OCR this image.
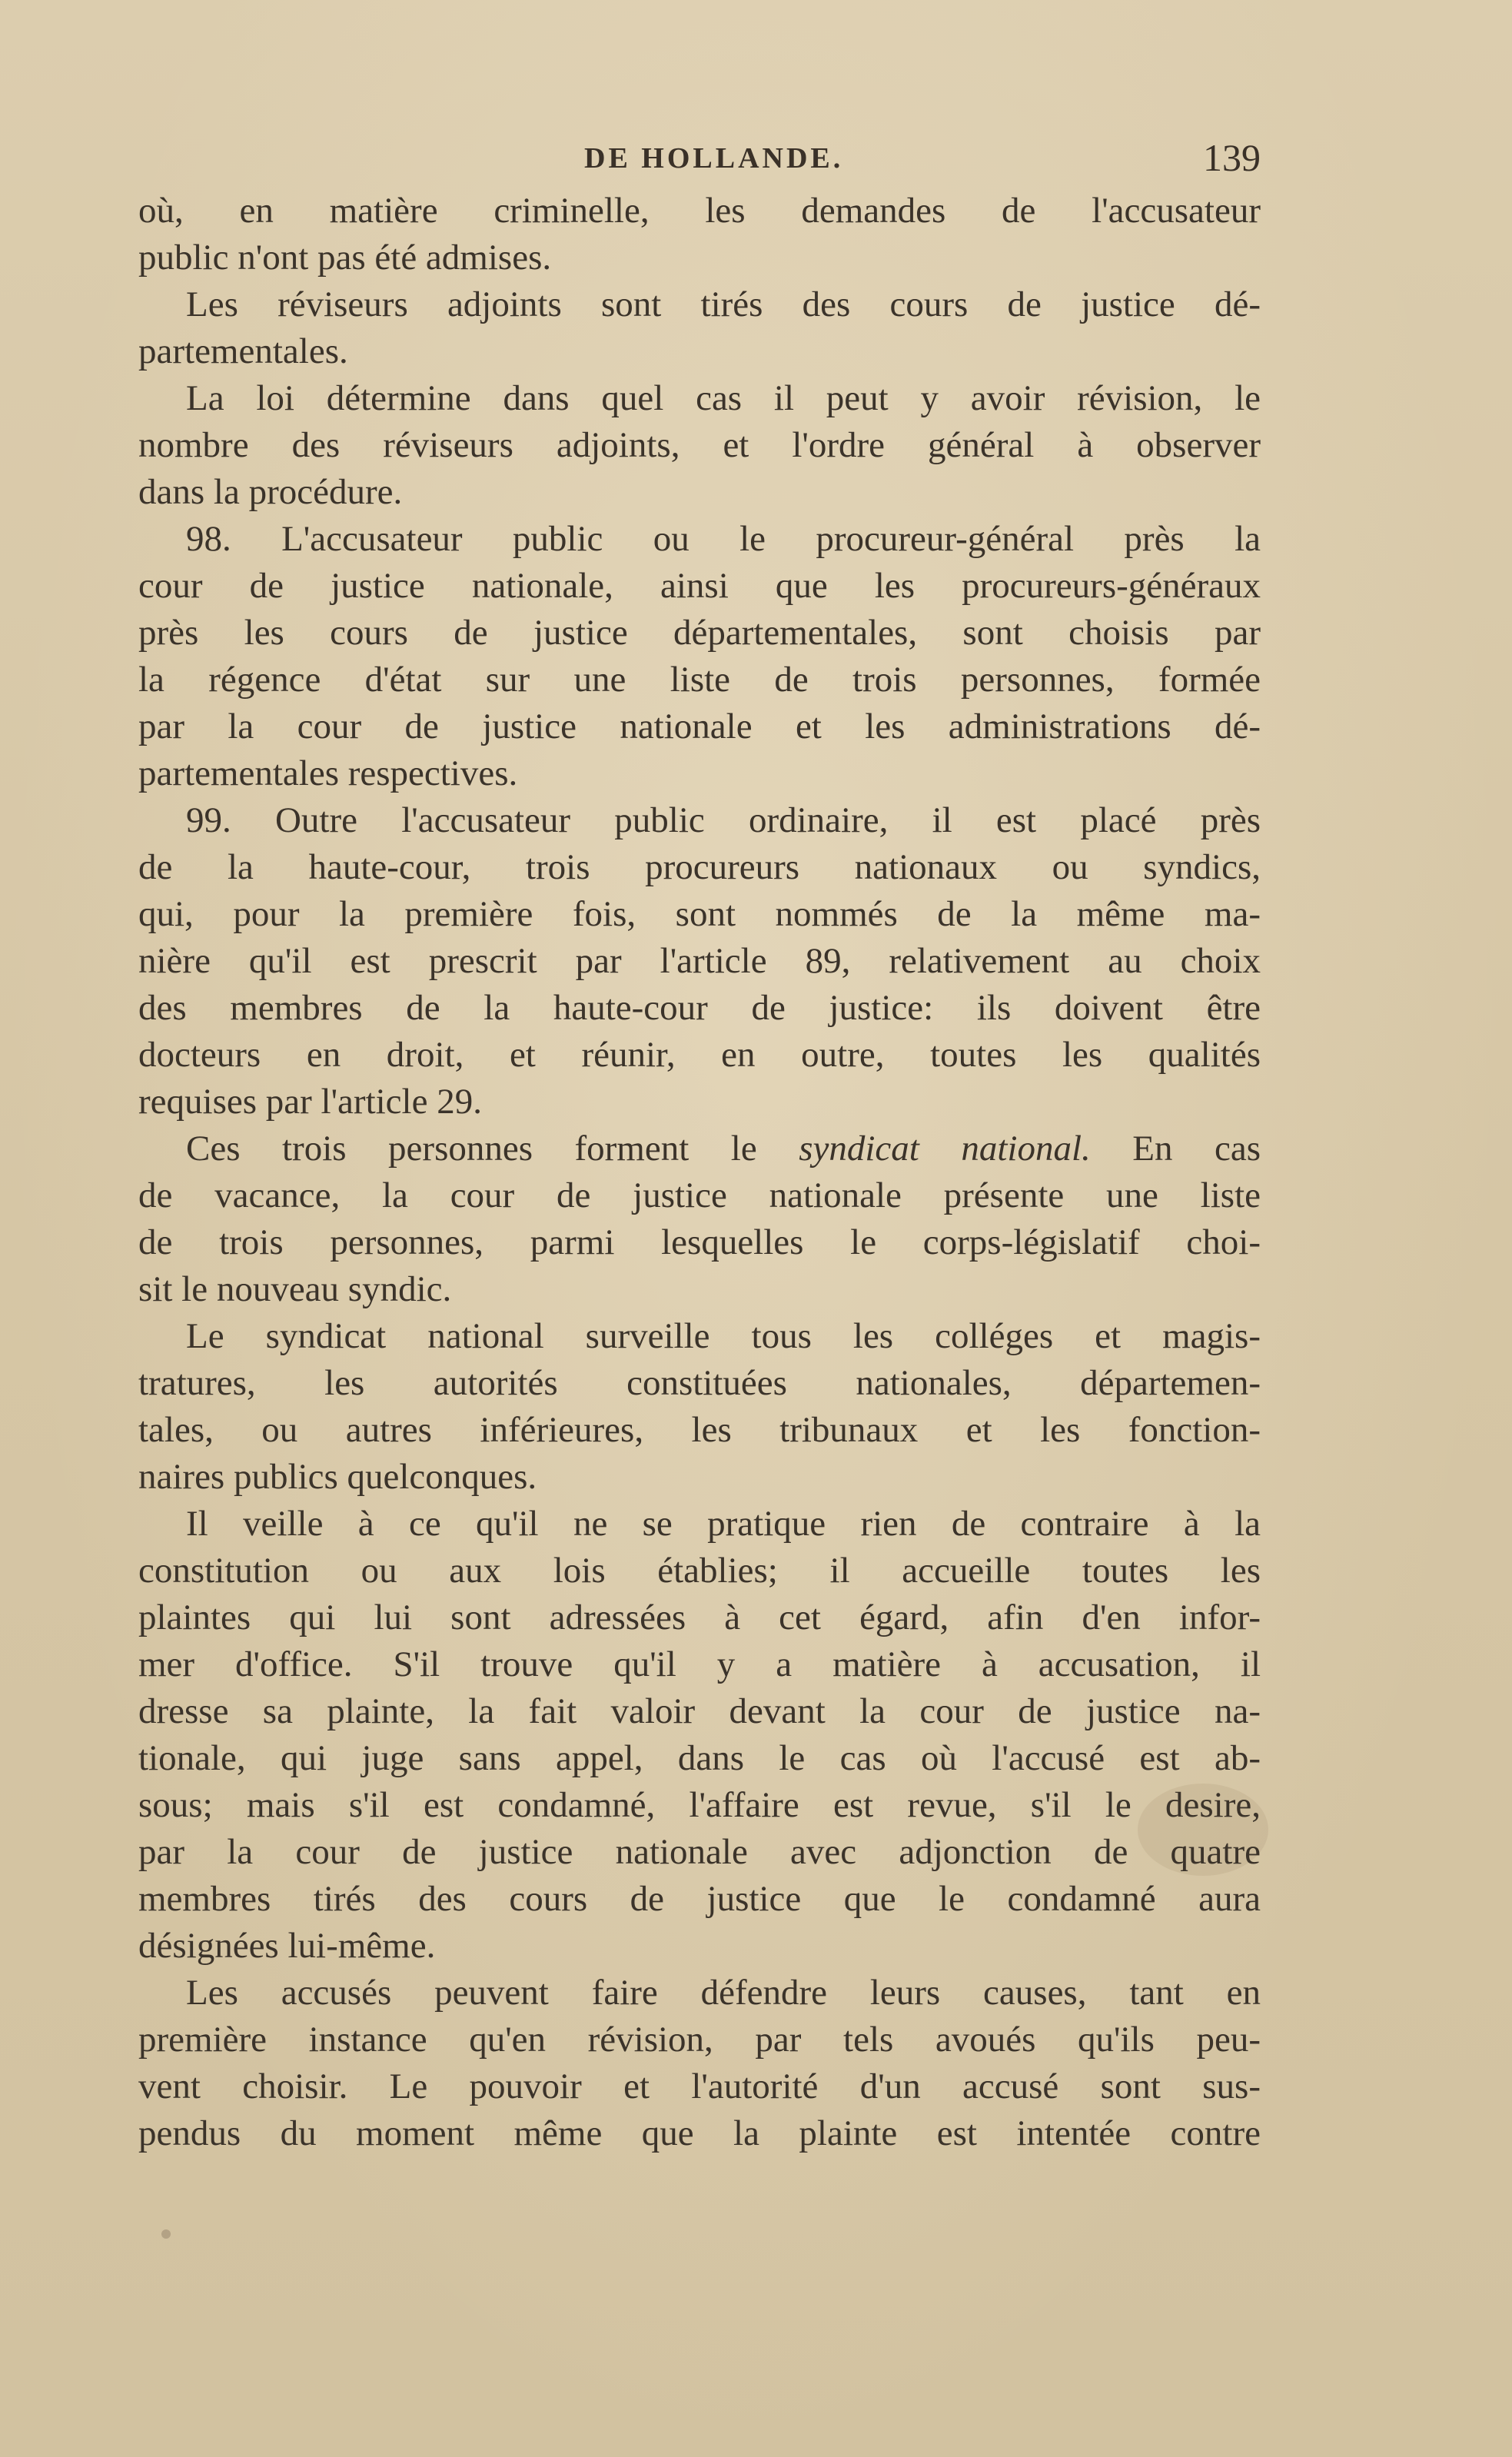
DE HOLLANDE.	139
où, en matière criminelle, les demandes de l'accusateur
public n'ont pas été admises.
Les réviseurs adjoints sont tirés des cours de justice dé-
partementales.
La loi détermine dans quel cas il peut y avoir révision, le
nombre des réviseurs adjoints, et l'ordre général à observer
dans la procédure.
98. L'accusateur public ou le procureur-général près la
cour de justice nationale, ainsi que les procureurs-généraux
près les cours de justice départementales, sont choisis par
la régence d'état sur une liste de trois personnes, formée
par la cour de justice nationale et les administrations dé-
partementales respectives.
99. Outre l'accusateur public ordinaire, il est placé près
de la haute-cour, trois procureurs nationaux ou syndics,
qui, pour la première fois, sont nommés de la même ma-
nière qu'il est prescrit par l'article 89, relativement au choix
des membres de la haute-cour de justice: ils doivent être
docteurs en droit, et réunir, en outre, toutes les qualités
requises par l'article 29.
Ces trois personnes forment le syndicat national. En cas
de vacance, la cour de justice nationale présente une liste
de trois personnes, parmi lesquelles le corps-législatif choi-
sit le nouveau syndic.
Le syndicat national surveille tous les colléges et magis-
tratures, les autorités constituées nationales, départemen-
tales, ou autres inférieures, les tribunaux et les fonction-
naires publics quelconques.
Il veille à ce qu'il ne se pratique rien de contraire à la
constitution ou aux lois établies; il accueille toutes les
plaintes qui lui sont adressées à cet égard, afin d'en infor-
mer d'office. S'il trouve qu'il y a matière à accusation, il
dresse sa plainte, la fait valoir devant la cour de justice na-
tionale, qui juge sans appel, dans le cas où l'accusé est ab-
sous; mais s'il est condamné, l'affaire est revue, s'il le desire,
par la cour de justice nationale avec adjonction de quatre
membres tirés des cours de justice que le condamné aura
désignées lui-même.
Les accusés peuvent faire défendre leurs causes, tant en
première instance qu'en révision, par tels avoués qu'ils peu-
vent choisir. Le pouvoir et l'autorité d'un accusé sont sus-
pendus du moment même que la plainte est intentée contre
